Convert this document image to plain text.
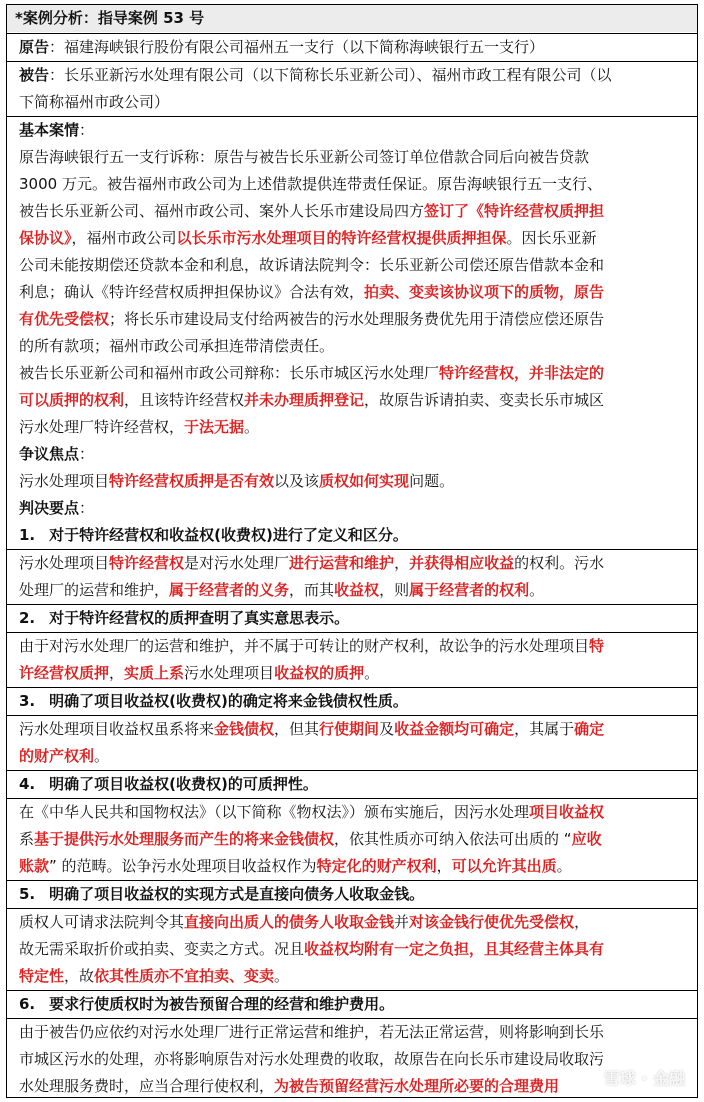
*案例分析：指导案例 53 号
原告：福建海峡银行股份有限公司福州五一支行（以下简称海峡银行五一支行）
被告：长乐亚新污水处理有限公司（以下简称长乐亚新公司）、福州市政工程有限公司（以
下简称福州市政公司）
基本案情：
原告海峡银行五一支行诉称：原告与被告长乐亚新公司签订单位借款合同后向被告贷款
3000 万元。被告福州市政公司为上述借款提供连带责任保证。原告海峡银行五一支行、
被告长乐亚新公司、福州市政公司、案外人长乐市建设局四方签订了《特许经营权质押担
保协议》，福州市政公司以长乐市污水处理项目的特许经营权提供质押担保。因长乐亚新
公司未能按期偿还贷款本金和利息，故诉请法院判令：长乐亚新公司偿还原告借款本金和
利息；确认《特许经营权质押担保协议》合法有效，拍卖、变卖该协议项下的质物，原告
有优先受偿权；将长乐市建设局支付给两被告的污水处理服务费优先用于清偿应偿还原告
的所有款项；福州市政公司承担连带清偿责任。
被告长乐亚新公司和福州市政公司辩称：长乐市城区污水处理厂特许经营权，并非法定的
可以质押的权利，且该特许经营权并未办理质押登记，故原告诉请拍卖、变卖长乐市城区
污水处理厂特许经营权，于法无据。
争议焦点：
污水处理项目特许经营权质押是否有效以及该质权如何实现问题。
判决要点：
1. 对于特许经营权和收益权(收费权)进行了定义和区分。
污水处理项目特许经营权是对污水处理厂进行运营和维护，并获得相应收益的权利。污水
处理厂的运营和维护，属于经营者的义务，而其收益权，则属于经营者的权利。
2. 对于特许经营权的质押查明了真实意思表示。
由于对污水处理厂的运营和维护，并不属于可转让的财产权利，故讼争的污水处理项目特
许经营权质押，实质上系污水处理项目收益权的质押。
3. 明确了项目收益权(收费权)的确定将来金钱债权性质。
污水处理项目收益权虽系将来金钱债权，但其行使期间及收益金额均可确定，其属于确定
的财产权利。
4. 明确了项目收益权(收费权)的可质押性。
在《中华人民共和国物权法》（以下简称《物权法》）颁布实施后，因污水处理项目收益权
系基于提供污水处理服务而产生的将来金钱债权，依其性质亦可纳入依法可出质的 “应收
账款” 的范畴。讼争污水处理项目收益权作为特定化的财产权利，可以允许其出质。
5. 明确了项目收益权的实现方式是直接向债务人收取金钱。
质权人可请求法院判令其直接向出质人的债务人收取金钱并对该金钱行使优先受偿权，
故无需采取折价或拍卖、变卖之方式。况且收益权均附有一定之负担，且其经营主体具有
特定性，故依其性质亦不宜拍卖、变卖。
6. 要求行使质权时为被告预留合理的经营和维护费用。
由于被告仍应依约对污水处理厂进行正常运营和维护，若无法正常运营，则将影响到长乐
市城区污水的处理，亦将影响原告对污水处理费的收取，故原告在向长乐市建设局收取污
水处理服务费时，应当合理行使权利，为被告预留经营污水处理所必要的合理费用	雪球 · 金融
